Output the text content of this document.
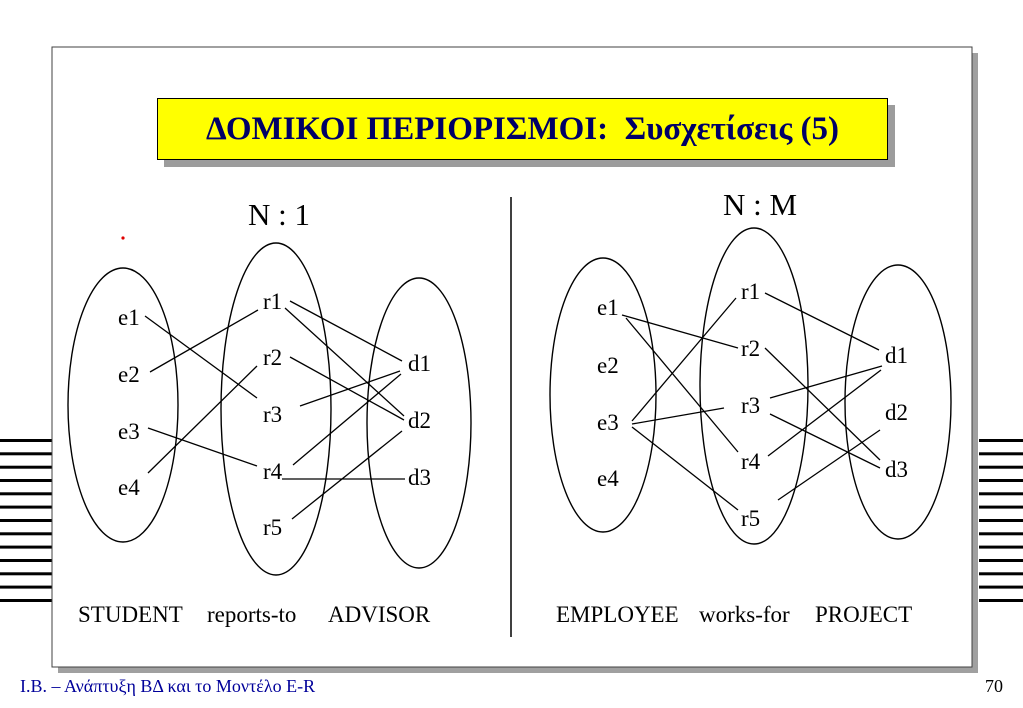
ΔΟΜΙΚΟΙ ΠΕΡΙΟΡΙΣΜΟΙ:  Συσχετίσεις (5)
N : 1	N : M
e1
e2
e3
e4
r1
r2
r3
r4
r5
d1
d2
d3
e1
e2
e3
e4
r1
r2
r3
r4
r5
d1
d2
d3
STUDENT reports-to ADVISOR	EMPLOYEE works-for PROJECT
Ι.Β. – Ανάπτυξη ΒΔ και το Μοντέλο E-R	70
